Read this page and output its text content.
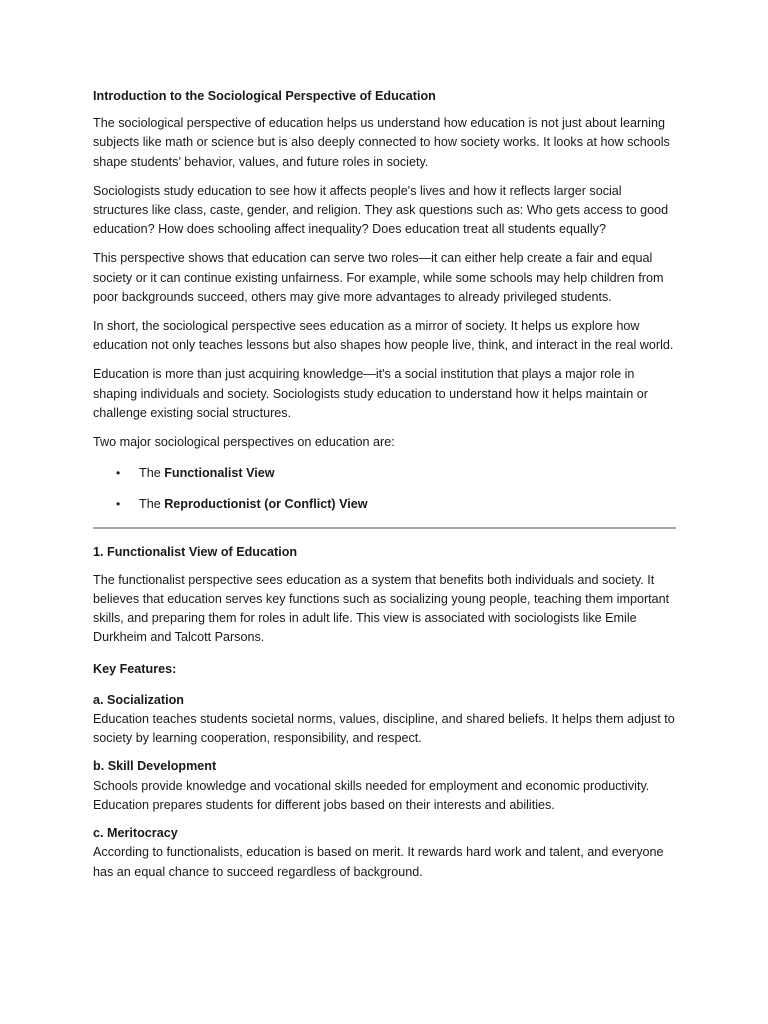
Introduction to the Sociological Perspective of Education

The sociological perspective of education helps us understand how education is not just about learning subjects like math or science but is also deeply connected to how society works. It looks at how schools shape students’ behavior, values, and future roles in society.

Sociologists study education to see how it affects people's lives and how it reflects larger social structures like class, caste, gender, and religion. They ask questions such as: Who gets access to good education? How does schooling affect inequality? Does education treat all students equally?

This perspective shows that education can serve two roles—it can either help create a fair and equal society or it can continue existing unfairness. For example, while some schools may help children from poor backgrounds succeed, others may give more advantages to already privileged students.

In short, the sociological perspective sees education as a mirror of society. It helps us explore how education not only teaches lessons but also shapes how people live, think, and interact in the real world.

Education is more than just acquiring knowledge—it's a social institution that plays a major role in shaping individuals and society. Sociologists study education to understand how it helps maintain or challenge existing social structures.

Two major sociological perspectives on education are:

• The Functionalist View
• The Reproductionist (or Conflict) View

1. Functionalist View of Education

The functionalist perspective sees education as a system that benefits both individuals and society. It believes that education serves key functions such as socializing young people, teaching them important skills, and preparing them for roles in adult life. This view is associated with sociologists like Emile Durkheim and Talcott Parsons.

Key Features:

a. Socialization

Education teaches students societal norms, values, discipline, and shared beliefs. It helps them adjust to society by learning cooperation, responsibility, and respect.

b. Skill Development

Schools provide knowledge and vocational skills needed for employment and economic productivity. Education prepares students for different jobs based on their interests and abilities.

c. Meritocracy

According to functionalists, education is based on merit. It rewards hard work and talent, and everyone has an equal chance to succeed regardless of background.
